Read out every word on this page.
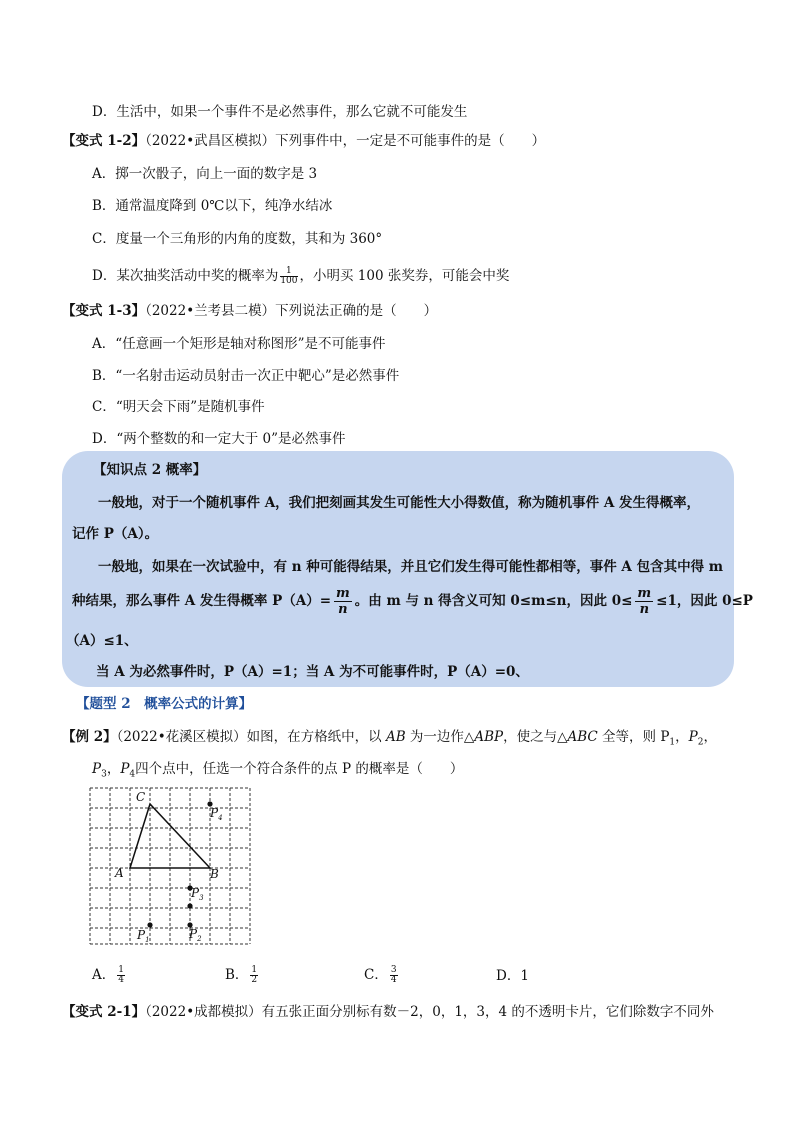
D．生活中，如果一个事件不是必然事件，那么它就不可能发生
【变式 1-2】（2022•武昌区模拟）下列事件中，一定是不可能事件的是（　　）
A．掷一次骰子，向上一面的数字是 3
B．通常温度降到 0℃以下，纯净水结冰
C．度量一个三角形的内角的度数，其和为 360°
D．某次抽奖活动中奖的概率为 $\frac{1}{100}$ ，小明买 100 张奖券，可能会中奖
【变式 1-3】（2022•兰考县二模）下列说法正确的是（　　）
A．“任意画一个矩形是轴对称图形”是不可能事件
B．“一名射击运动员射击一次正中靶心”是必然事件
C．“明天会下雨”是随机事件
D．“两个整数的和一定大于 0”是必然事件
【知识点 2 概率】
一般地，对于一个随机事件 A，我们把刻画其发生可能性大小得数值，称为随机事件 A 发生得概率，
记作 P（A）。
一般地，如果在一次试验中，有 n 种可能得结果，并且它们发生得可能性都相等，事件 A 包含其中得 m
种结果，那么事件 A 发生得概率 $P(A)= \frac{m}{n}$ 。由 m 与 n 得含义可知 0≤m≤n，因此 $0\le \frac{m}{n} \le 1$，因此 0≤P
（A）≤1、
当 A 为必然事件时，P（A）=1；当 A 为不可能事件时，P（A）=0、
【题型 2　概率公式的计算】
【例 2】（2022•花溪区模拟）如图，在方格纸中，以 AB 为一边作△ABP，使之与△ABC 全等，则 $P_1$，$P_2$，
$P_3$，$P_4$四个点中，任选一个符合条件的点 P 的概率是（　　）
C
A	B
$P_4$
$P_3$
$P_2$
$P_1$
A． $\frac{1}{4}$	B． $\frac{1}{2}$	C． $\frac{3}{4}$	D．1
【变式 2-1】（2022•成都模拟）有五张正面分别标有数－2，0，1，3，4 的不透明卡片，它们除数字不同外
